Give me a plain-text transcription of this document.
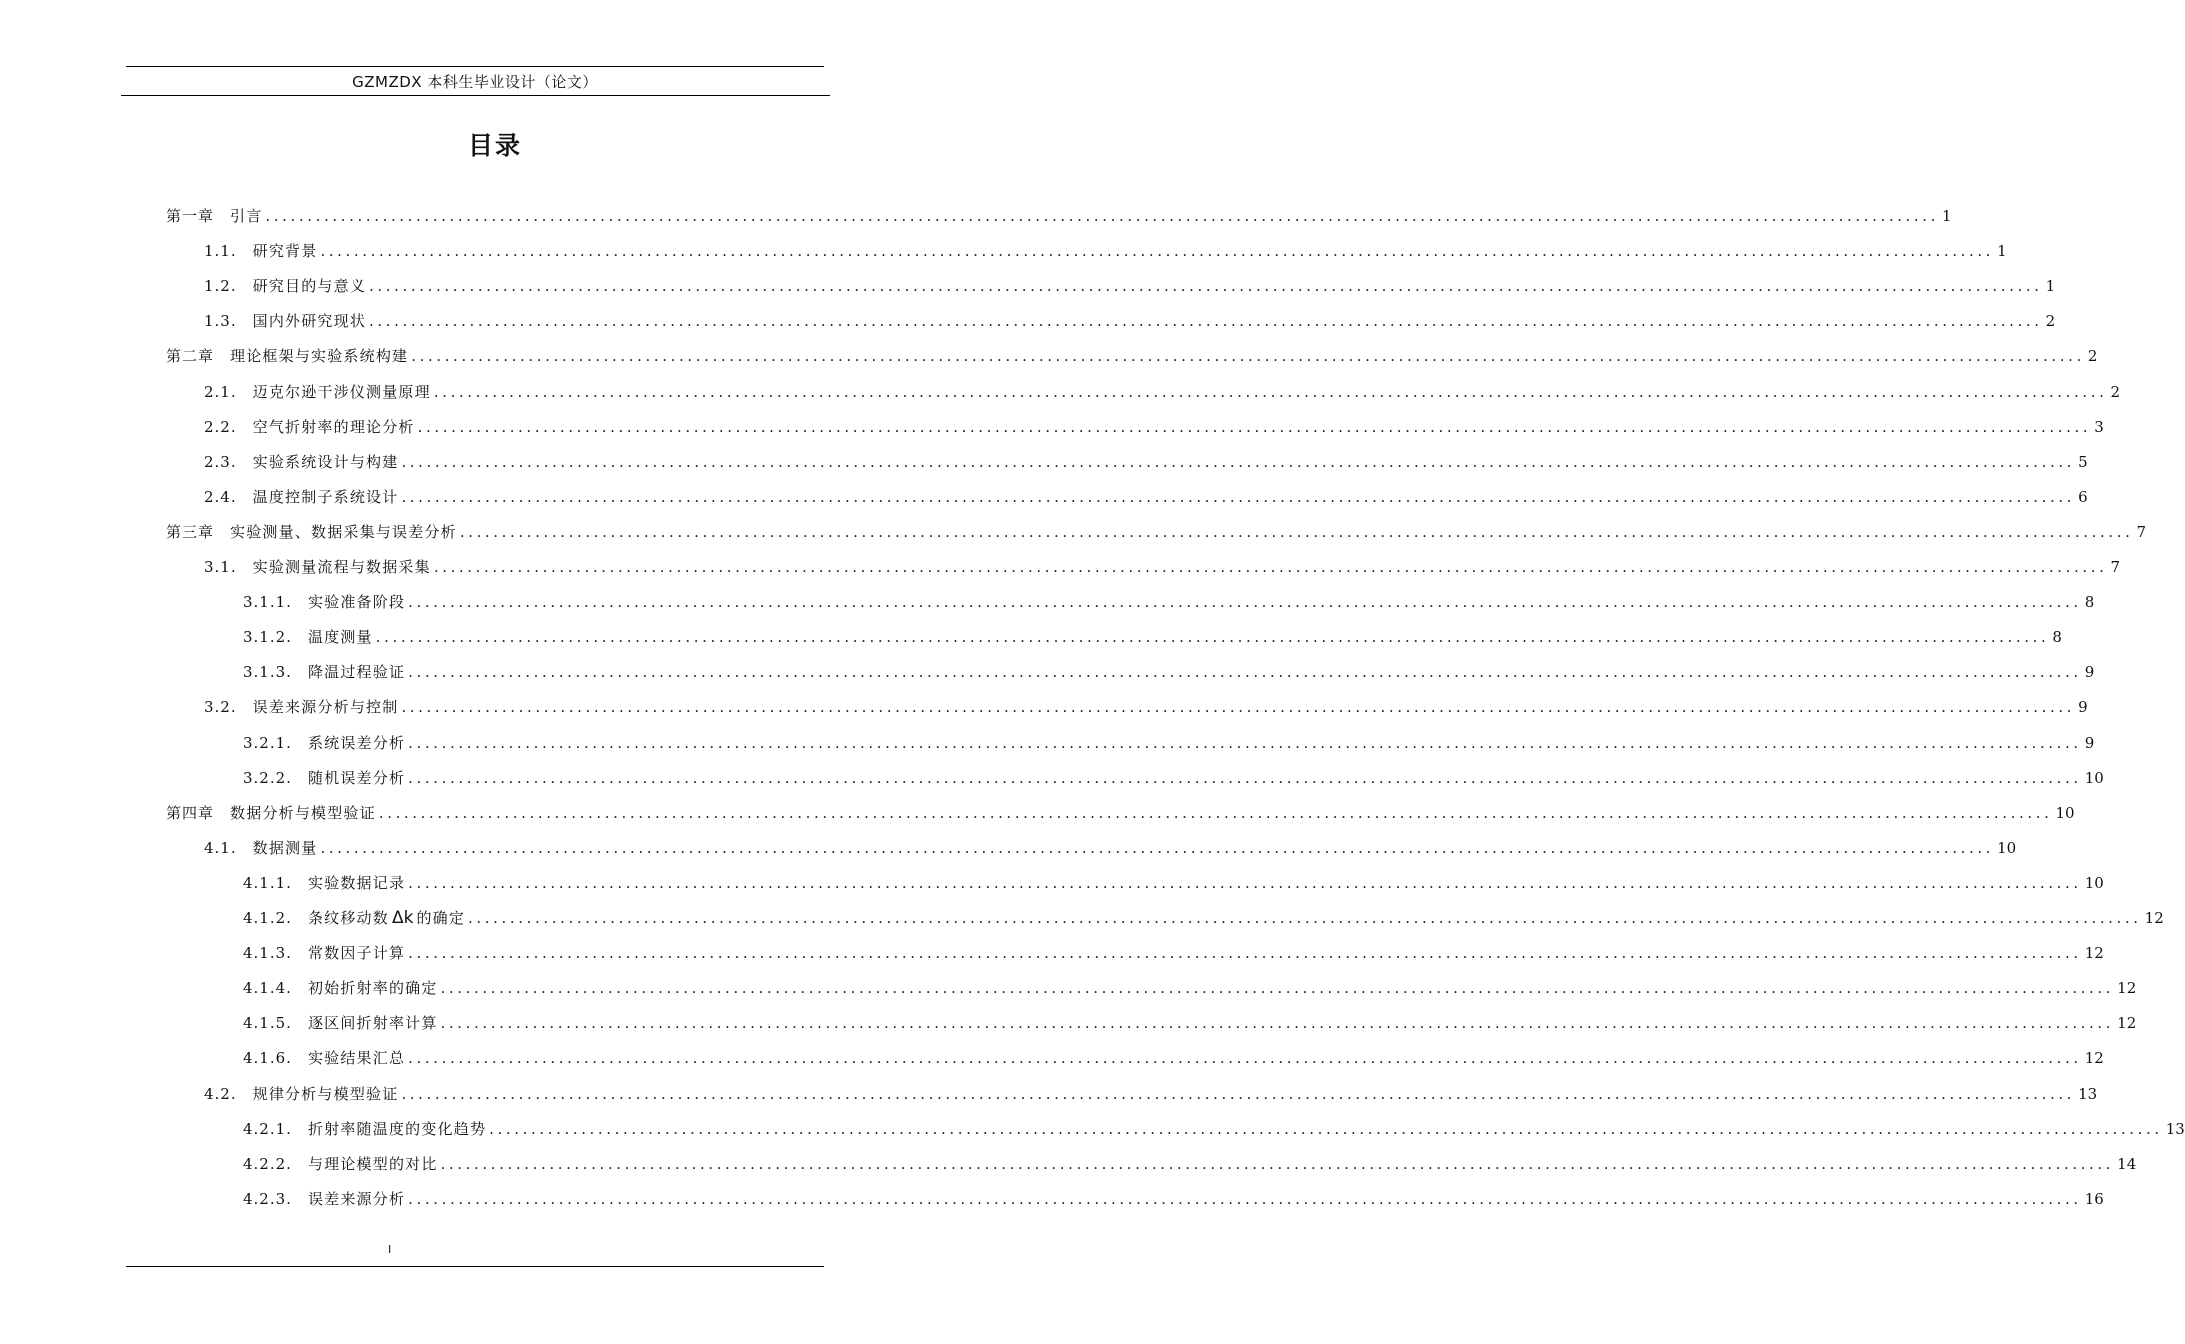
GZMZDX 本科生毕业设计（论文）
目录
第一章 引言 ........................................................................................................................................................................................................ 1
1.1. 研究背景 ........................................................................................................................................................................................................ 1
1.2. 研究目的与意义 ........................................................................................................................................................................................................ 1
1.3. 国内外研究现状 ........................................................................................................................................................................................................ 2
第二章 理论框架与实验系统构建 ........................................................................................................................................................................................................ 2
2.1. 迈克尔逊干涉仪测量原理 ........................................................................................................................................................................................................ 2
2.2. 空气折射率的理论分析 ........................................................................................................................................................................................................ 3
2.3. 实验系统设计与构建 ........................................................................................................................................................................................................ 5
2.4. 温度控制子系统设计 ........................................................................................................................................................................................................ 6
第三章 实验测量、数据采集与误差分析 ........................................................................................................................................................................................................ 7
3.1. 实验测量流程与数据采集 ........................................................................................................................................................................................................ 7
3.1.1. 实验准备阶段 ........................................................................................................................................................................................................ 8
3.1.2. 温度测量 ........................................................................................................................................................................................................ 8
3.1.3. 降温过程验证 ........................................................................................................................................................................................................ 9
3.2. 误差来源分析与控制 ........................................................................................................................................................................................................ 9
3.2.1. 系统误差分析 ........................................................................................................................................................................................................ 9
3.2.2. 随机误差分析 ........................................................................................................................................................................................................ 10
第四章 数据分析与模型验证 ........................................................................................................................................................................................................ 10
4.1. 数据测量 ........................................................................................................................................................................................................ 10
4.1.1. 实验数据记录 ........................................................................................................................................................................................................ 10
4.1.2. 条纹移动数 Δk 的确定 ........................................................................................................................................................................................................ 12
4.1.3. 常数因子计算 ........................................................................................................................................................................................................ 12
4.1.4. 初始折射率的确定 ........................................................................................................................................................................................................ 12
4.1.5. 逐区间折射率计算 ........................................................................................................................................................................................................ 12
4.1.6. 实验结果汇总 ........................................................................................................................................................................................................ 12
4.2. 规律分析与模型验证 ........................................................................................................................................................................................................ 13
4.2.1. 折射率随温度的变化趋势 ........................................................................................................................................................................................................ 13
4.2.2. 与理论模型的对比 ........................................................................................................................................................................................................ 14
4.2.3. 误差来源分析 ........................................................................................................................................................................................................ 16
I
